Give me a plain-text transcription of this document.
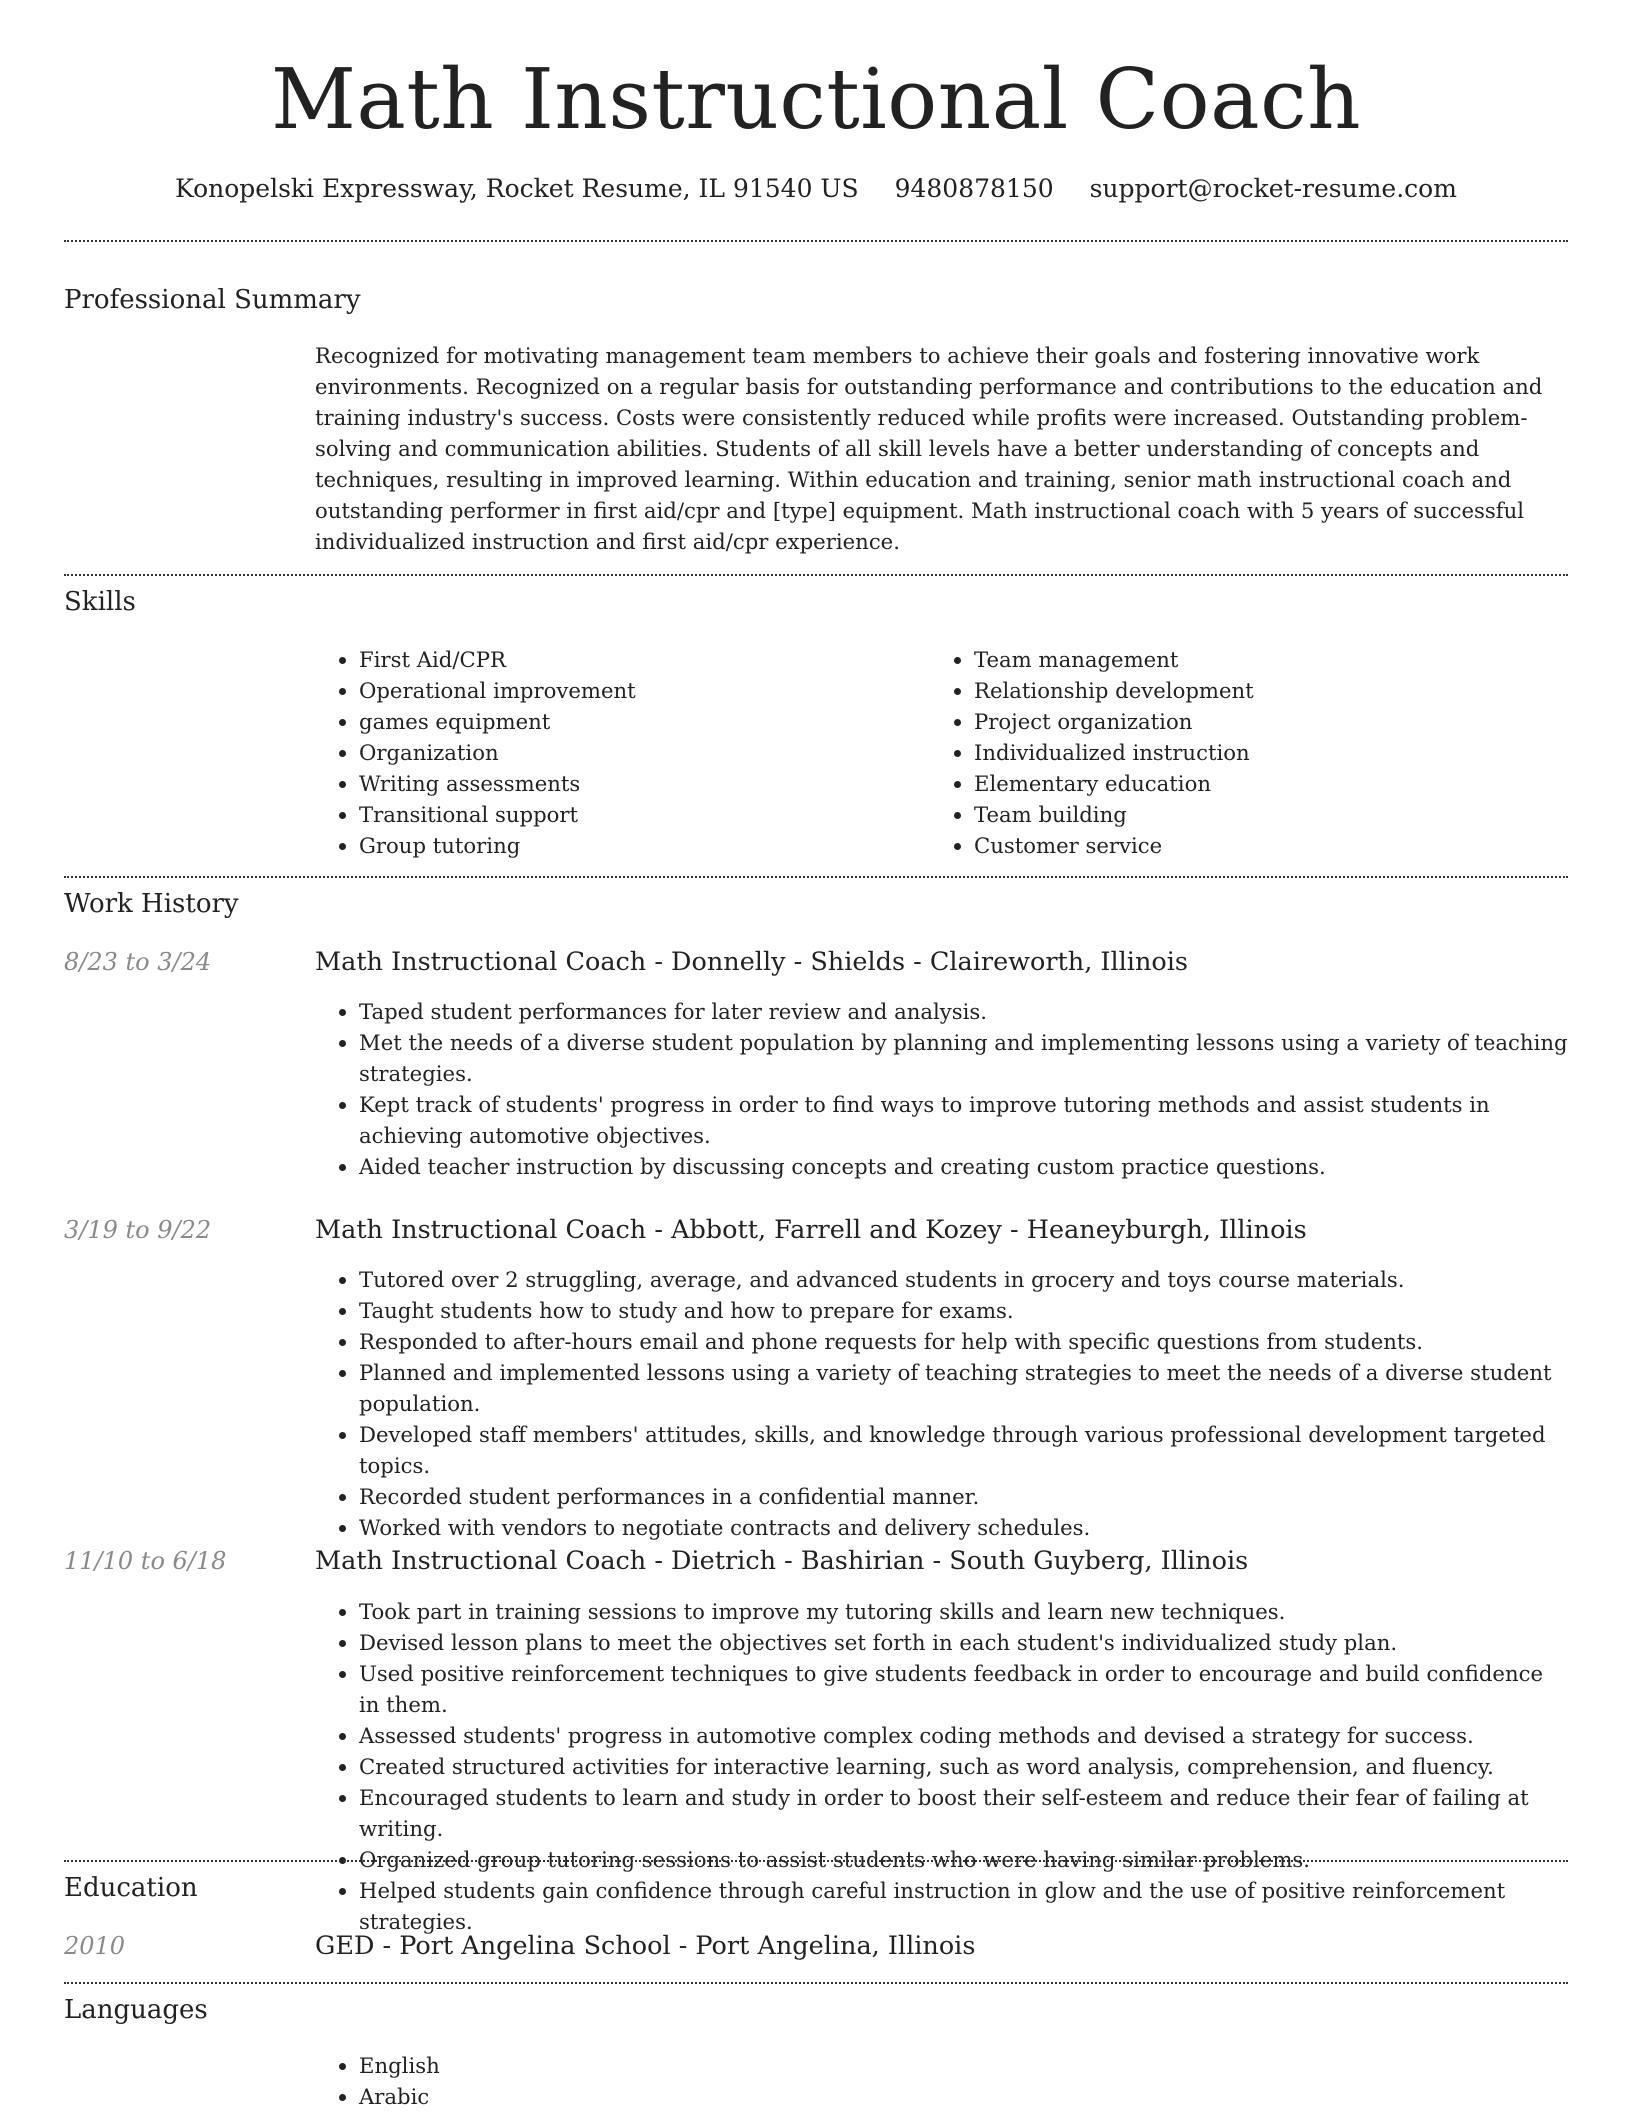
Math Instructional Coach
Konopelski Expressway, Rocket Resume, IL 91540 US 9480878150 support@rocket-resume.com
Professional Summary

Recognized for motivating management team members to achieve their goals and fostering innovative work environments. Recognized on a regular basis for outstanding performance and contributions to the education and training industry's success. Costs were consistently reduced while profits were increased. Outstanding problem-solving and communication abilities. Students of all skill levels have a better understanding of concepts and techniques, resulting in improved learning. Within education and training, senior math instructional coach and outstanding performer in first aid/cpr and [type] equipment. Math instructional coach with 5 years of successful individualized instruction and first aid/cpr experience.

Skills
• First Aid/CPR
• Operational improvement
• games equipment
• Organization
• Writing assessments
• Transitional support
• Group tutoring
• Team management
• Relationship development
• Project organization
• Individualized instruction
• Elementary education
• Team building
• Customer service
Work History
8/23 to 3/24	Math Instructional Coach - Donnelly - Shields - Claireworth, Illinois
• Taped student performances for later review and analysis.
• Met the needs of a diverse student population by planning and implementing lessons using a variety of teaching strategies.
• Kept track of students' progress in order to find ways to improve tutoring methods and assist students in achieving automotive objectives.
• Aided teacher instruction by discussing concepts and creating custom practice questions.
3/19 to 9/22	Math Instructional Coach - Abbott, Farrell and Kozey - Heaneyburgh, Illinois
• Tutored over 2 struggling, average, and advanced students in grocery and toys course materials.
• Taught students how to study and how to prepare for exams.
• Responded to after-hours email and phone requests for help with specific questions from students.
• Planned and implemented lessons using a variety of teaching strategies to meet the needs of a diverse student population.
• Developed staff members' attitudes, skills, and knowledge through various professional development targeted topics.
• Recorded student performances in a confidential manner.
• Worked with vendors to negotiate contracts and delivery schedules.
11/10 to 6/18	Math Instructional Coach - Dietrich - Bashirian - South Guyberg, Illinois
• Took part in training sessions to improve my tutoring skills and learn new techniques.
• Devised lesson plans to meet the objectives set forth in each student's individualized study plan.
• Used positive reinforcement techniques to give students feedback in order to encourage and build confidence in them.
• Assessed students' progress in automotive complex coding methods and devised a strategy for success.
• Created structured activities for interactive learning, such as word analysis, comprehension, and fluency.
• Encouraged students to learn and study in order to boost their self-esteem and reduce their fear of failing at writing.
• Organized group tutoring sessions to assist students who were having similar problems.
• Helped students gain confidence through careful instruction in glow and the use of positive reinforcement strategies.
Education
2010	GED - Port Angelina School - Port Angelina, Illinois
Languages
• English
• Arabic
